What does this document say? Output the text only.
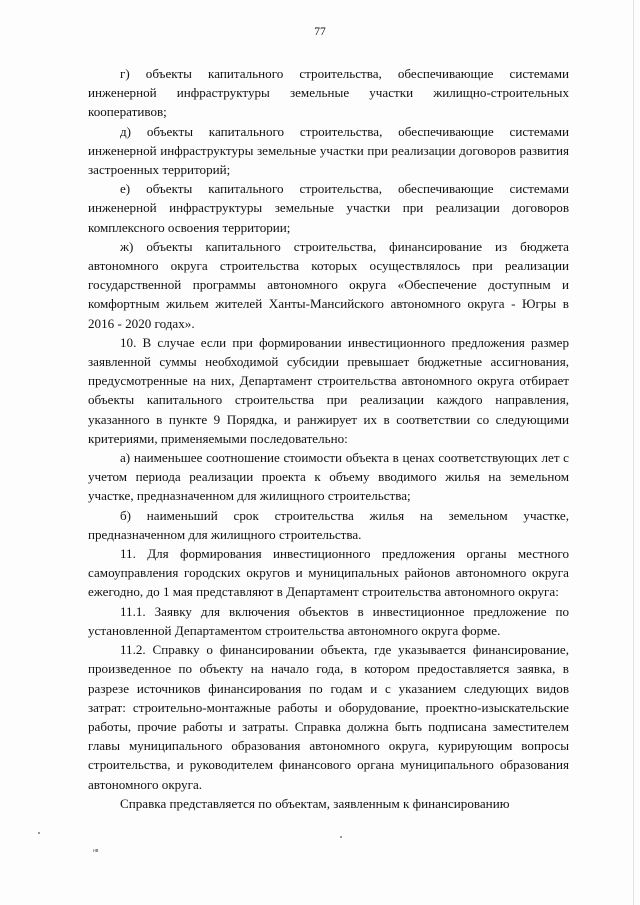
77

г) объекты капитального строительства, обеспечивающие системами инженерной инфраструктуры земельные участки жилищно-строительных кооперативов;

д) объекты капитального строительства, обеспечивающие системами инженерной инфраструктуры земельные участки при реализации договоров развития застроенных территорий;

е) объекты капитального строительства, обеспечивающие системами инженерной инфраструктуры земельные участки при реализации договоров комплексного освоения территории;

ж) объекты капитального строительства, финансирование из бюджета автономного округа строительства которых осуществлялось при реализации государственной программы автономного округа «Обеспечение доступным и комфортным жильем жителей Ханты-Мансийского автономного округа - Югры в 2016 - 2020 годах».

10. В случае если при формировании инвестиционного предложения размер заявленной суммы необходимой субсидии превышает бюджетные ассигнования, предусмотренные на них, Департамент строительства автономного округа отбирает объекты капитального строительства при реализации каждого направления, указанного в пункте 9 Порядка, и ранжирует их в соответствии со следующими критериями, применяемыми последовательно:

а) наименьшее соотношение стоимости объекта в ценах соответствующих лет с учетом периода реализации проекта к объему вводимого жилья на земельном участке, предназначенном для жилищного строительства;

б) наименьший срок строительства жилья на земельном участке, предназначенном для жилищного строительства.

11. Для формирования инвестиционного предложения органы местного самоуправления городских округов и муниципальных районов автономного округа ежегодно, до 1 мая представляют в Департамент строительства автономного округа:

11.1. Заявку для включения объектов в инвестиционное предложение по установленной Департаментом строительства автономного округа форме.

11.2. Справку о финансировании объекта, где указывается финансирование, произведенное по объекту на начало года, в котором предоставляется заявка, в разрезе источников финансирования по годам и с указанием следующих видов затрат: строительно-монтажные работы и оборудование, проектно-изыскательские работы, прочие работы и затраты. Справка должна быть подписана заместителем главы муниципального образования автономного округа, курирующим вопросы строительства, и руководителем финансового органа муниципального образования автономного округа.

Справка представляется по объектам, заявленным к финансированию

нв
